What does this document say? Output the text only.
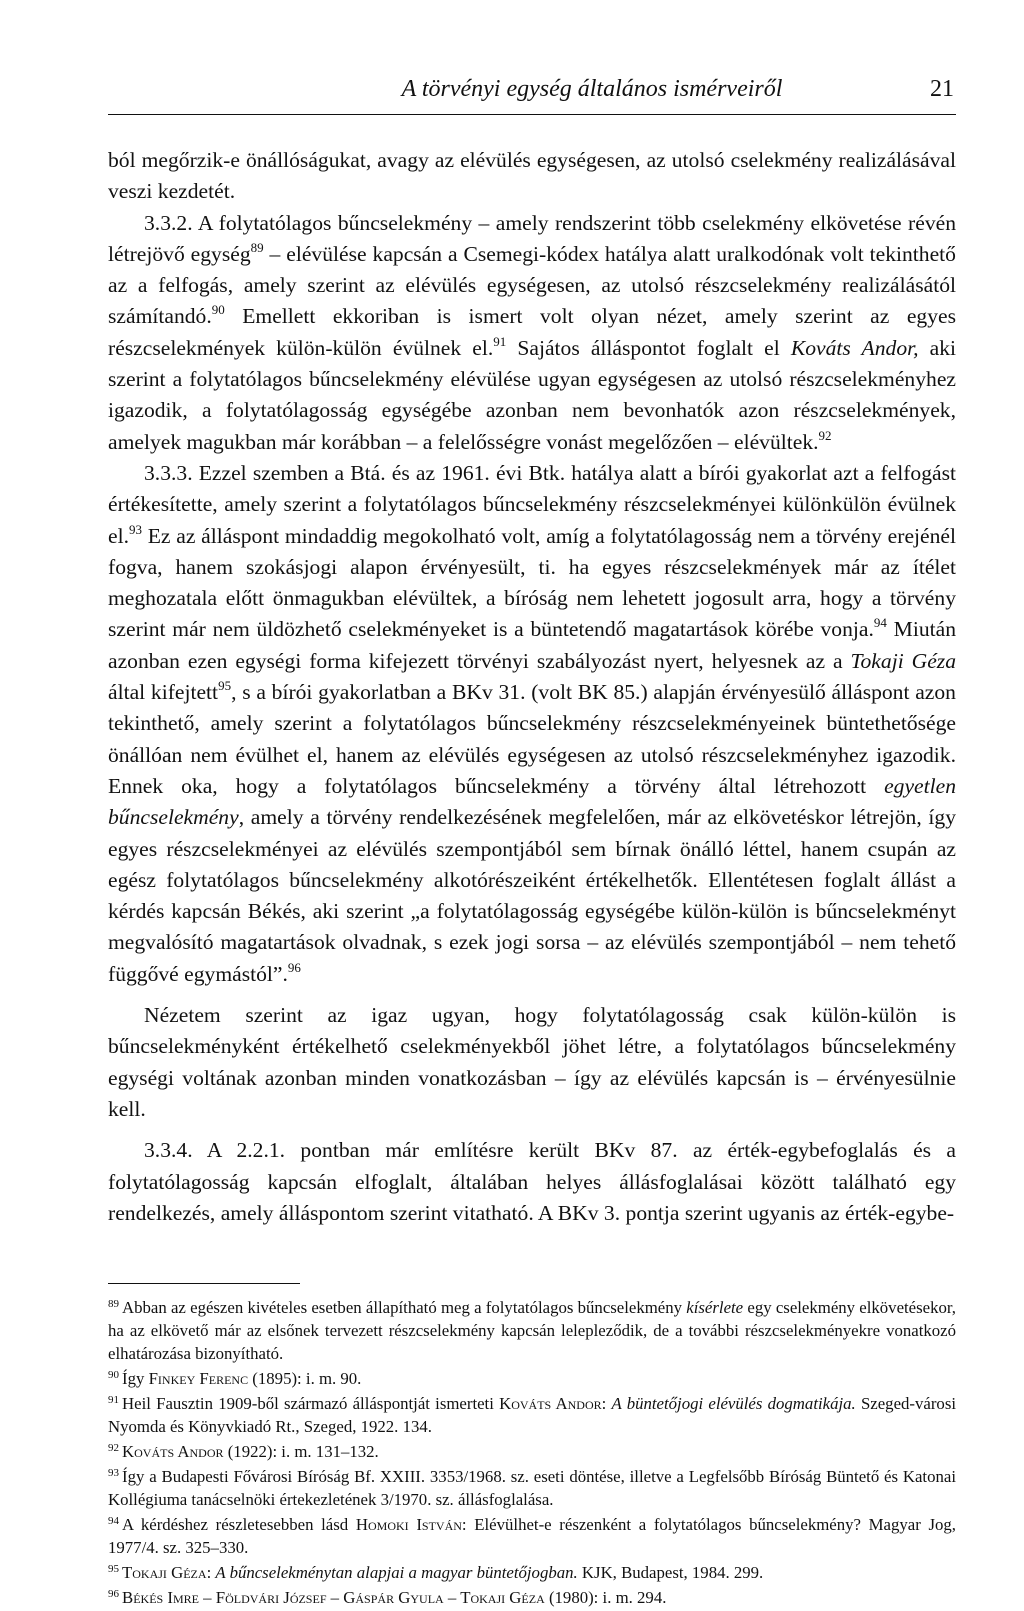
A törvényi egység általános ismérveiről	21

ból megőrzik-e önállóságukat, avagy az elévülés egységesen, az utolsó cselekmény realizálásával veszi kezdetét.

3.3.2. A folytatólagos bűncselekmény – amely rendszerint több cselekmény elkövetése révén létrejövő egység$^{89}$ – elévülése kapcsán a Csemegi-kódex hatálya alatt uralkodónak volt tekinthető az a felfogás, amely szerint az elévülés egységesen, az utolsó részcselekmény realizálásától számítandó.$^{90}$ Emellett ekkoriban is ismert volt olyan nézet, amely szerint az egyes részcselekmények külön-külön évülnek el.$^{91}$ Sajátos álláspontot foglalt el Kováts Andor, aki szerint a folytatólagos bűncselekmény elévülése ugyan egységesen az utolsó részcselekményhez igazodik, a folytatólagosság egységébe azonban nem bevonhatók azon részcselekmények, amelyek magukban már korábban – a felelősségre vonást megelőzően – elévültek.$^{92}$

3.3.3. Ezzel szemben a Btá. és az 1961. évi Btk. hatálya alatt a bírói gyakorlat azt a felfogást értékesítette, amely szerint a folytatólagos bűncselekmény részcselekményei különkülön évülnek el.$^{93}$ Ez az álláspont mindaddig megokolható volt, amíg a folytatólagosság nem a törvény erejénél fogva, hanem szokásjogi alapon érvényesült, ti. ha egyes részcselekmények már az ítélet meghozatala előtt önmagukban elévültek, a bíróság nem lehetett jogosult arra, hogy a törvény szerint már nem üldözhető cselekményeket is a büntetendő magatartások körébe vonja.$^{94}$ Miután azonban ezen egységi forma kifejezett törvényi szabályozást nyert, helyesnek az a Tokaji Géza által kifejtett$^{95}$, s a bírói gyakorlatban a BKv 31. (volt BK 85.) alapján érvényesülő álláspont azon tekinthető, amely szerint a folytatólagos bűncselekmény részcselekményeinek büntethetősége önállóan nem évülhet el, hanem az elévülés egységesen az utolsó részcselekményhez igazodik. Ennek oka, hogy a folytatólagos bűncselekmény a törvény által létrehozott egyetlen bűncselekmény, amely a törvény rendelkezésének megfelelően, már az elkövetéskor létrejön, így egyes részcselekményei az elévülés szempontjából sem bírnak önálló léttel, hanem csupán az egész folytatólagos bűncselekmény alkotórészeiként értékelhetők. Ellentétesen foglalt állást a kérdés kapcsán Békés, aki szerint „a folytatólagosság egységébe külön-külön is bűncselekményt megvalósító magatartások olvadnak, s ezek jogi sorsa – az elévülés szempontjából – nem tehető függővé egymástól”.$^{96}$

Nézetem szerint az igaz ugyan, hogy folytatólagosság csak külön-külön is bűncselekményként értékelhető cselekményekből jöhet létre, a folytatólagos bűncselekmény egységi voltának azonban minden vonatkozásban – így az elévülés kapcsán is – érvényesülnie kell.

3.3.4. A 2.2.1. pontban már említésre került BKv 87. az érték-egybefoglalás és a folytatólagosság kapcsán elfoglalt, általában helyes állásfoglalásai között található egy rendelkezés, amely álláspontom szerint vitatható. A BKv 3. pontja szerint ugyanis az érték-egybe-

$^{89}$ Abban az egészen kivételes esetben állapítható meg a folytatólagos bűncselekmény kísérlete egy cselekmény elkövetésekor, ha az elkövető már az elsőnek tervezett részcselekmény kapcsán lelepleződik, de a további részcselekményekre vonatkozó elhatározása bizonyítható.

$^{90}$ Így Finkey Ferenc (1895): i. m. 90.

$^{91}$ Heil Fausztin 1909-ből származó álláspontját ismerteti Kováts Andor: A büntetőjogi elévülés dogmatikája. Szeged-városi Nyomda és Könyvkiadó Rt., Szeged, 1922. 134.

$^{92}$ Kováts Andor (1922): i. m. 131–132.

$^{93}$ Így a Budapesti Fővárosi Bíróság Bf. XXIII. 3353/1968. sz. eseti döntése, illetve a Legfelsőbb Bíróság Büntető és Katonai Kollégiuma tanácselnöki értekezletének 3/1970. sz. állásfoglalása.

$^{94}$ A kérdéshez részletesebben lásd Homoki István: Elévülhet-e részenként a folytatólagos bűncselekmény? Magyar Jog, 1977/4. sz. 325–330.

$^{95}$ Tokaji Géza: A bűncselekménytan alapjai a magyar büntetőjogban. KJK, Budapest, 1984. 299.

$^{96}$ Békés Imre – Földvári József – Gáspár Gyula – Tokaji Géza (1980): i. m. 294.
